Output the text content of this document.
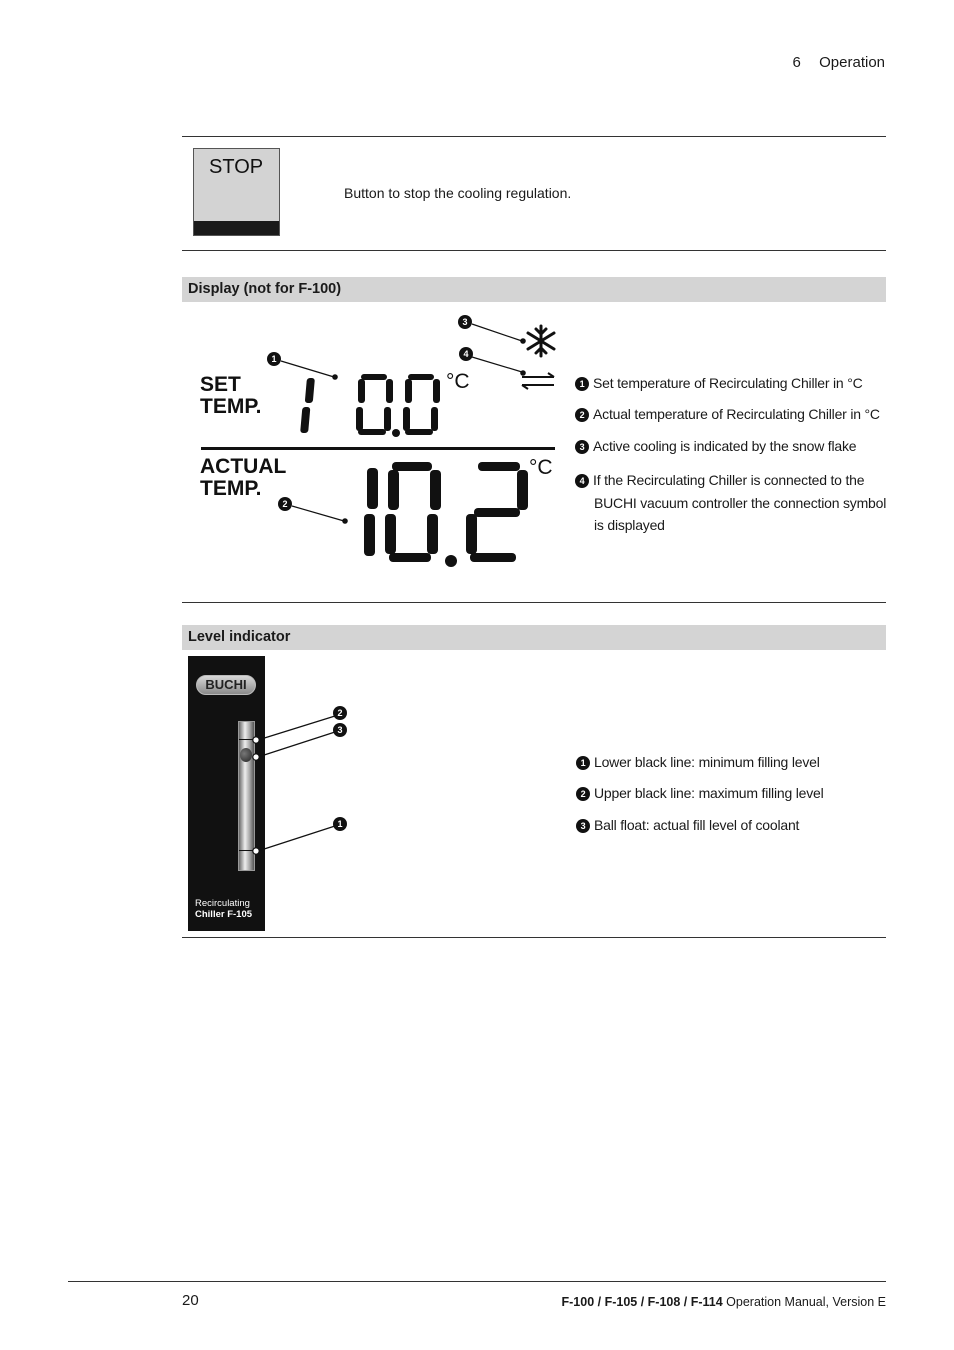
6 Operation
STOP
Button to stop the cooling regulation.
Display (not for F-100)
SET
TEMP.
ACTUAL
TEMP.
°C
°C
1
2
3
4
1 Set temperature of Recirculating Chiller in °C
2 Actual temperature of Recirculating Chiller in °C
3 Active cooling is indicated by the snow flake
4 If the Recirculating Chiller is connected to the
BUCHI vacuum controller the connection symbol
is displayed
Level indicator
BUCHI
Recirculating
Chiller F-105
2
3
1
1 Lower black line: minimum filling level
2 Upper black line: maximum filling level
3 Ball float: actual fill level of coolant
20	F-100 / F-105 / F-108 / F-114 Operation Manual, Version E
